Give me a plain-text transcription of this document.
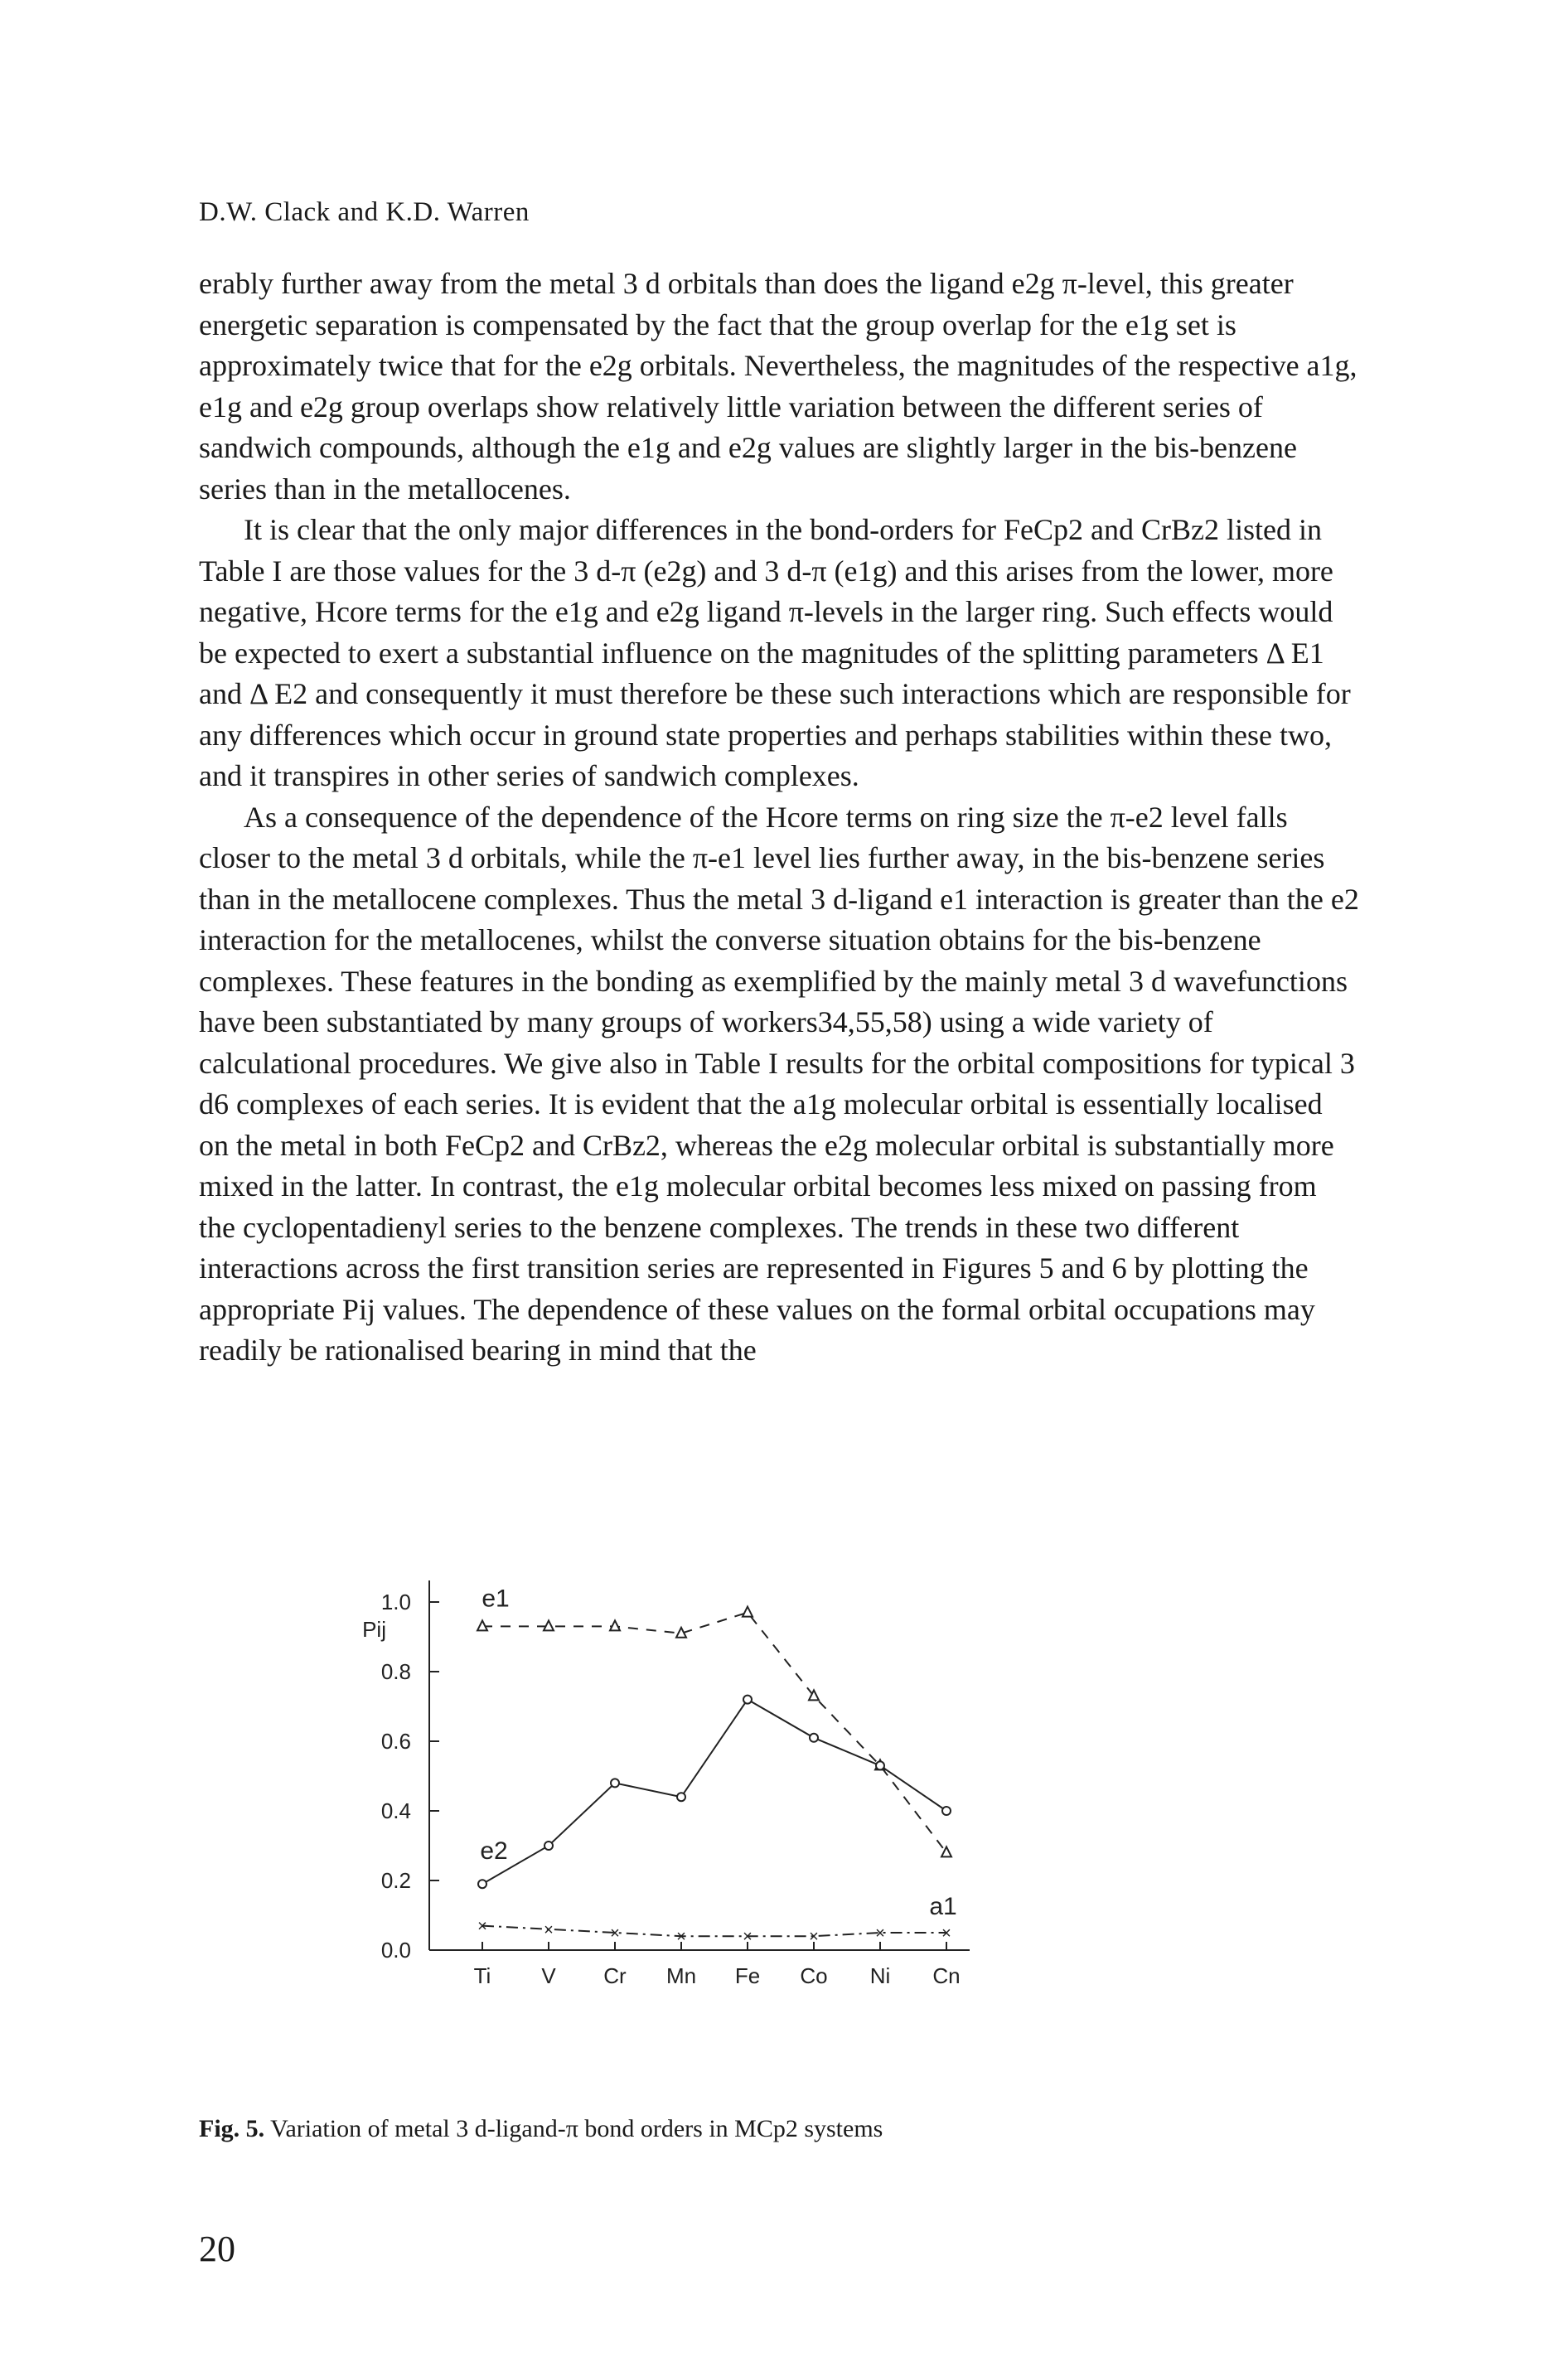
D.W. Clack and K.D. Warren

erably further away from the metal 3 d orbitals than does the ligand e2g π-level, this greater energetic separation is compensated by the fact that the group overlap for the e1g set is approximately twice that for the e2g orbitals. Nevertheless, the magnitudes of the respective a1g, e1g and e2g group overlaps show relatively little variation between the different series of sandwich compounds, although the e1g and e2g values are slightly larger in the bis-benzene series than in the metallocenes.

It is clear that the only major differences in the bond-orders for FeCp2 and CrBz2 listed in Table I are those values for the 3 d-π (e2g) and 3 d-π (e1g) and this arises from the lower, more negative, Hcore terms for the e1g and e2g ligand π-levels in the larger ring. Such effects would be expected to exert a substantial influence on the magnitudes of the splitting parameters Δ E1 and Δ E2 and consequently it must therefore be these such interactions which are responsible for any differences which occur in ground state properties and perhaps stabilities within these two, and it transpires in other series of sandwich complexes.

As a consequence of the dependence of the Hcore terms on ring size the π-e2 level falls closer to the metal 3 d orbitals, while the π-e1 level lies further away, in the bis-benzene series than in the metallocene complexes. Thus the metal 3 d-ligand e1 interaction is greater than the e2 interaction for the metallocenes, whilst the converse situation obtains for the bis-benzene complexes. These features in the bonding as exemplified by the mainly metal 3 d wavefunctions have been substantiated by many groups of workers34,55,58) using a wide variety of calculational procedures. We give also in Table I results for the orbital compositions for typical 3 d6 complexes of each series. It is evident that the a1g molecular orbital is essentially localised on the metal in both FeCp2 and CrBz2, whereas the e2g molecular orbital is substantially more mixed in the latter. In contrast, the e1g molecular orbital becomes less mixed on passing from the cyclopentadienyl series to the benzene complexes. The trends in these two different interactions across the first transition series are represented in Figures 5 and 6 by plotting the appropriate Pij values. The dependence of these values on the formal orbital occupations may readily be rationalised bearing in mind that the

1.0
0.8
0.6
0.4
0.2
0.0
Pij
Ti V Cr Mn Fe Co Ni Cn
e1
e2
×	×	×	×	×	×	×	×
a1
Fig. 5. Variation of metal 3 d-ligand-π bond orders in MCp2 systems
20
